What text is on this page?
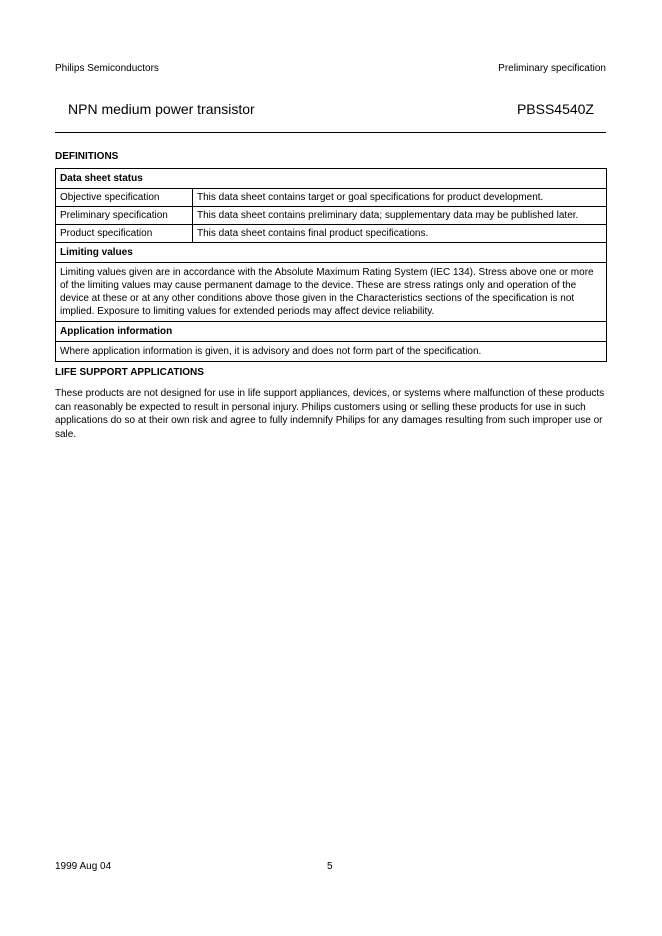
Philips Semiconductors	Preliminary specification
NPN medium power transistor	PBSS4540Z
DEFINITIONS
Data sheet status	
Objective specification	This data sheet contains target or goal specifications for product development.
Preliminary specification	This data sheet contains preliminary data; supplementary data may be published later.
Product specification	This data sheet contains final product specifications.
Limiting values	
Limiting values given are in accordance with the Absolute Maximum Rating System (IEC 134). Stress above one or more of the limiting values may cause permanent damage to the device. These are stress ratings only and operation of the device at these or at any other conditions above those given in the Characteristics sections of the specification is not implied. Exposure to limiting values for extended periods may affect device reliability.	
Application information	
Where application information is given, it is advisory and does not form part of the specification.	
LIFE SUPPORT APPLICATIONS
These products are not designed for use in life support appliances, devices, or systems where malfunction of these products can reasonably be expected to result in personal injury. Philips customers using or selling these products for use in such applications do so at their own risk and agree to fully indemnify Philips for any damages resulting from such improper use or sale.
1999 Aug 04	5
